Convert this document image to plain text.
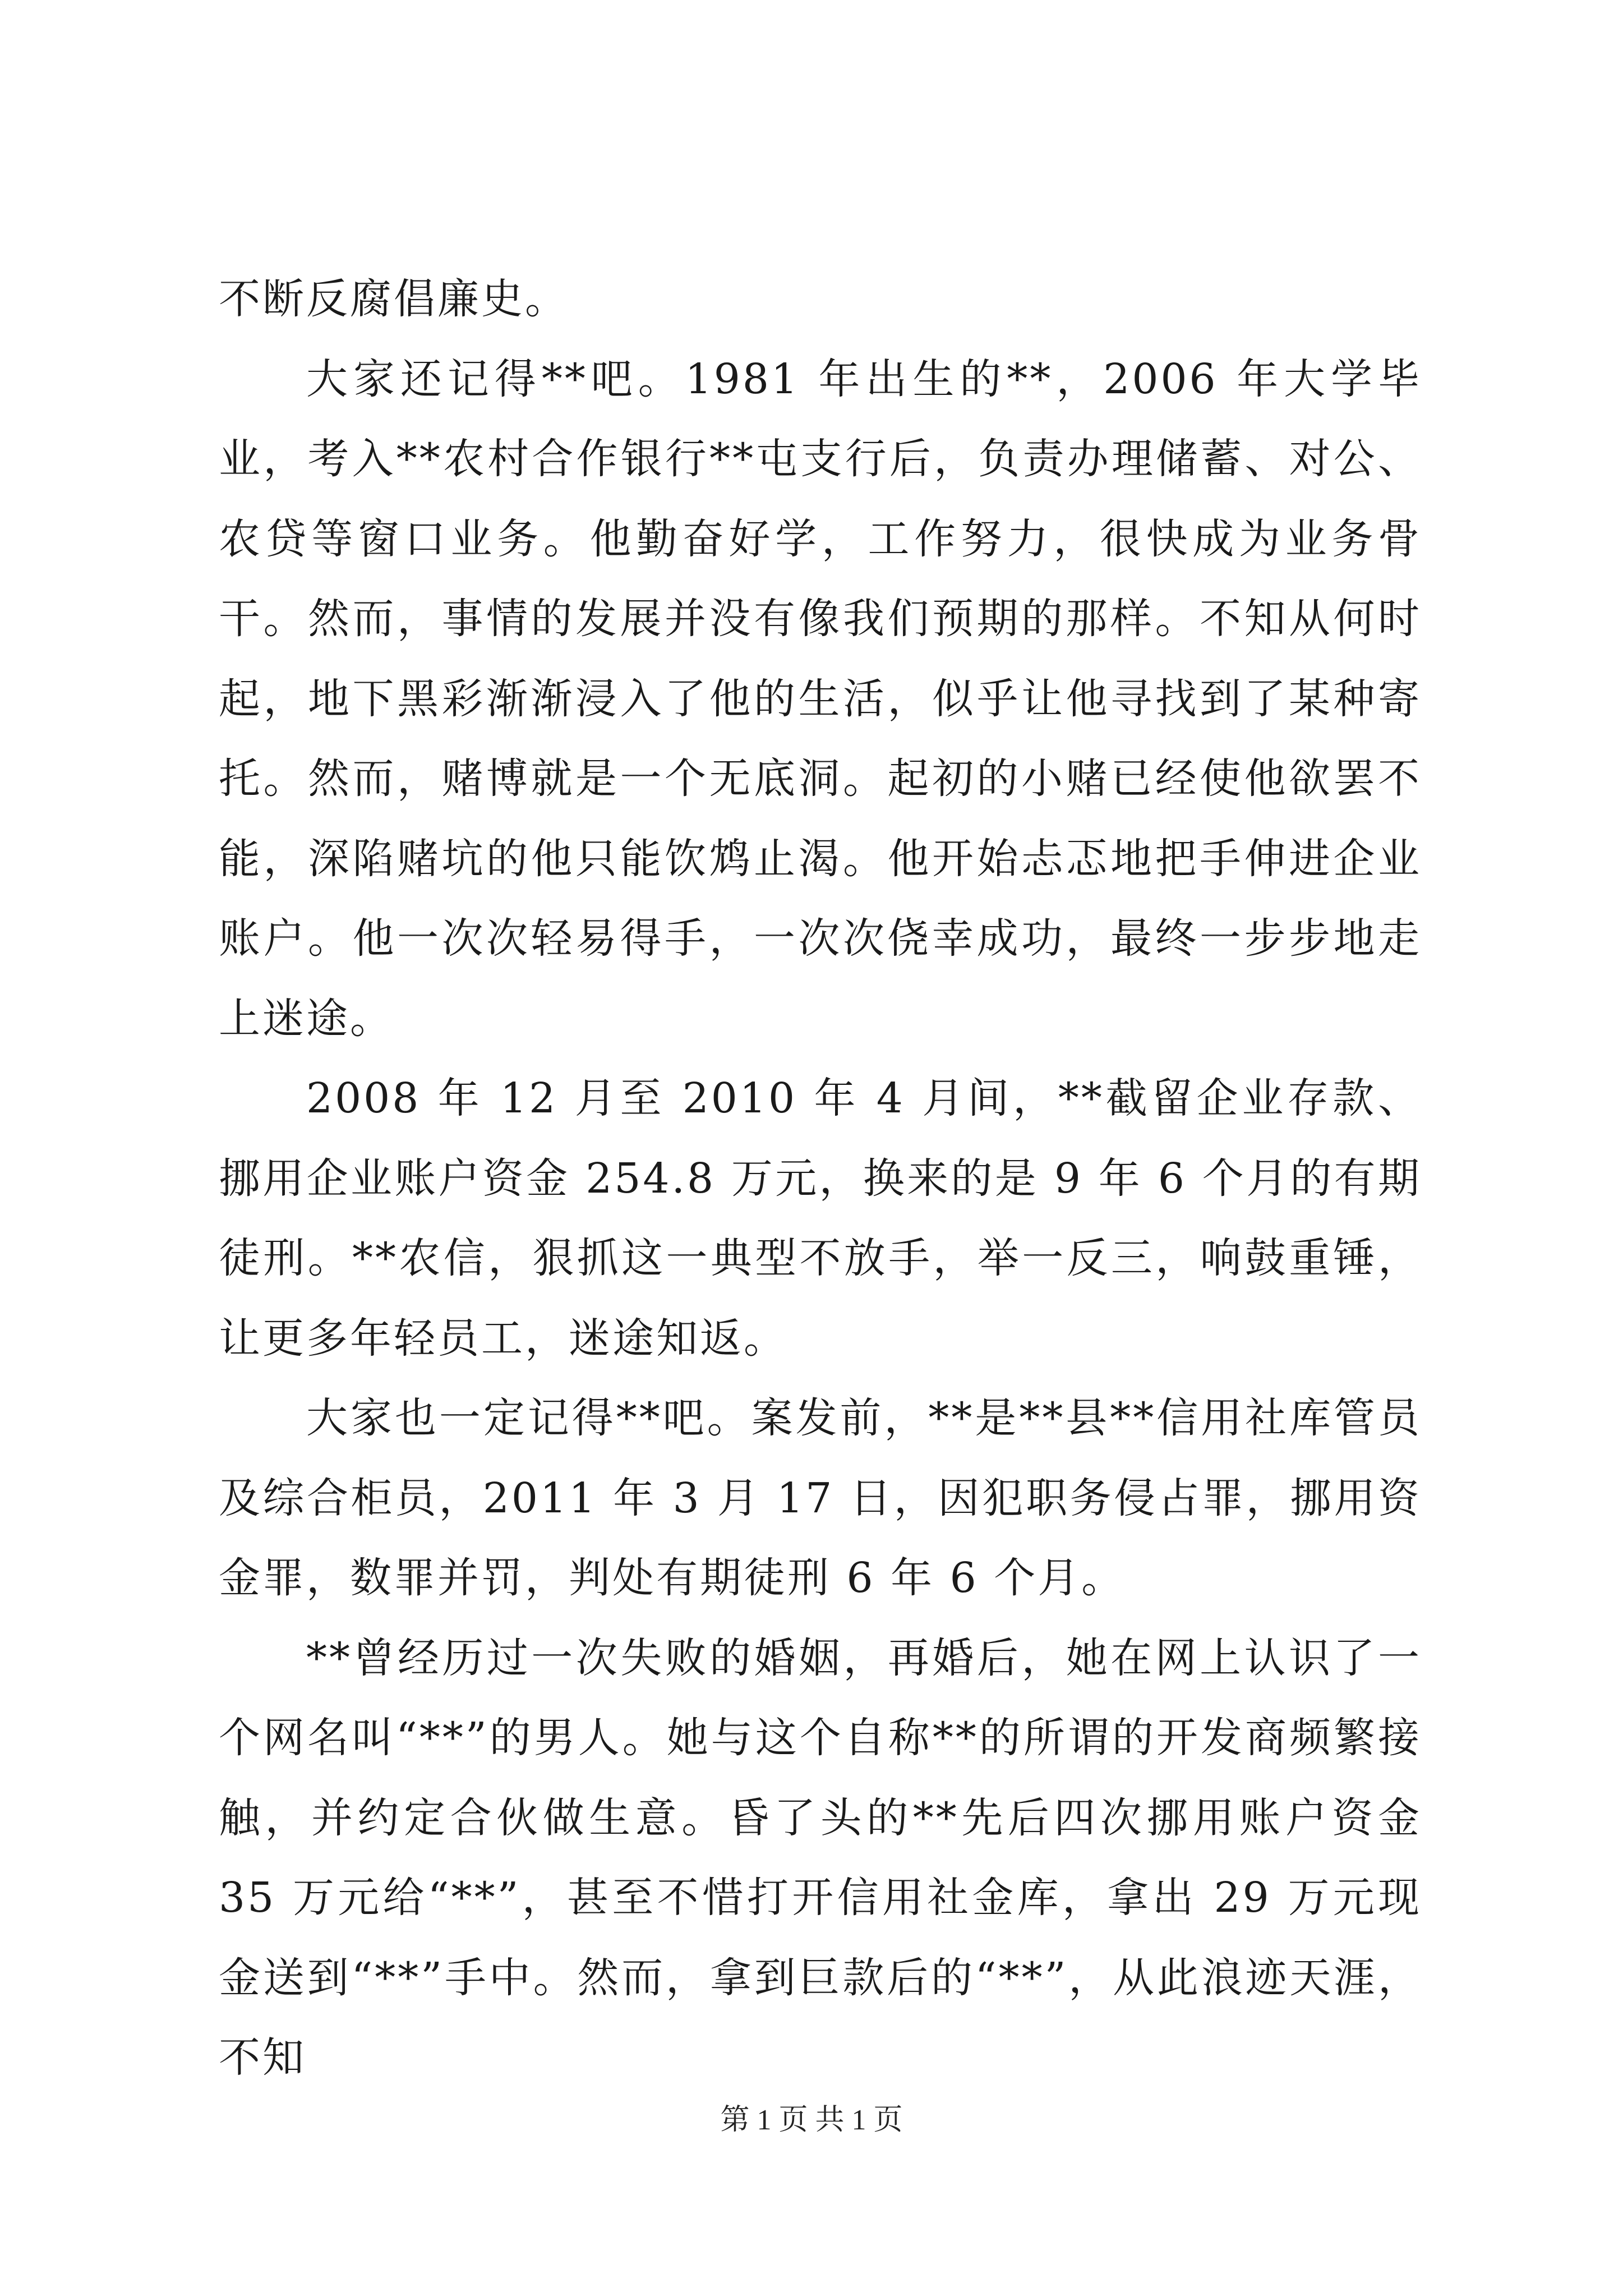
不断反腐倡廉史。

大家还记得**吧。1981 年出生的**，2006 年大学毕业，考入**农村合作银行**屯支行后，负责办理储蓄、对公、农贷等窗口业务。他勤奋好学，工作努力，很快成为业务骨干。然而，事情的发展并没有像我们预期的那样。不知从何时起，地下黑彩渐渐浸入了他的生活，似乎让他寻找到了某种寄托。然而，赌博就是一个无底洞。起初的小赌已经使他欲罢不能，深陷赌坑的他只能饮鸩止渴。他开始忐忑地把手伸进企业账户。他一次次轻易得手，一次次侥幸成功，最终一步步地走上迷途。

2008 年 12 月至 2010 年 4 月间，**截留企业存款、挪用企业账户资金 254.8 万元，换来的是 9 年 6 个月的有期徒刑。**农信，狠抓这一典型不放手，举一反三，响鼓重锤，让更多年轻员工，迷途知返。

大家也一定记得**吧。案发前，**是**县**信用社库管员及综合柜员，2011 年 3 月 17 日，因犯职务侵占罪，挪用资金罪，数罪并罚，判处有期徒刑 6 年 6 个月。

**曾经历过一次失败的婚姻，再婚后，她在网上认识了一个网名叫“**”的男人。她与这个自称**的所谓的开发商频繁接触，并约定合伙做生意。昏了头的**先后四次挪用账户资金 35 万元给“**”，甚至不惜打开信用社金库，拿出 29 万元现金送到“**”手中。然而，拿到巨款后的“**”，从此浪迹天涯，不知

第 1 页 共 1 页
